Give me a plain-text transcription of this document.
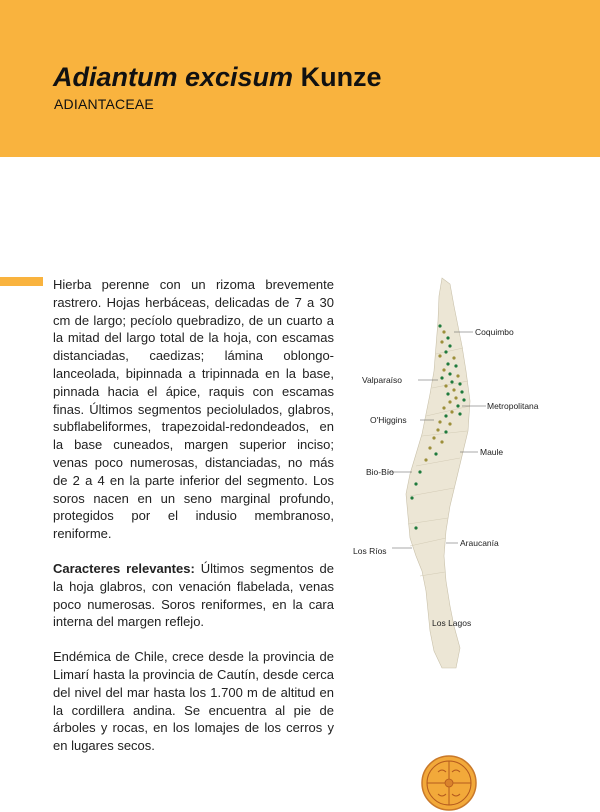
Adiantum excisum Kunze
ADIANTACEAE

Hierba perenne con un rizoma brevemente rastrero. Hojas herbáceas, delicadas de 7 a 30 cm de largo; pecíolo quebradizo, de un cuarto a la mitad del largo total de la hoja, con escamas distanciadas, caedizas; lámina oblongo-lanceolada, bipinnada a tripinnada en la base, pinnada hacia el ápice, raquis con escamas finas. Últimos segmentos peciolulados, glabros, subflabeliformes, trapezoidal-redondeados, en la base cuneados, margen superior inciso; venas poco numerosas, distanciadas, no más de 2 a 4 en la parte inferior del segmento. Los soros nacen en un seno marginal profundo, protegidos por el indusio membranoso, reniforme.

Caracteres relevantes: Últimos segmentos de la hoja glabros, con venación flabelada, venas poco numerosas. Soros reniformes, en la cara interna del margen reflejo.

Endémica de Chile, crece desde la provincia de Limarí hasta la provincia de Cautín, desde cerca del nivel del mar hasta los 1.700 m de altitud en la cordillera andina. Se encuentra al pie de árboles y rocas, en los lomajes de los cerros y en lugares secos.

Coquimbo
Valparaíso
Metropolitana
O'Higgins
Maule
Bio-Bío
Araucanía
Los Ríos
Los Lagos
